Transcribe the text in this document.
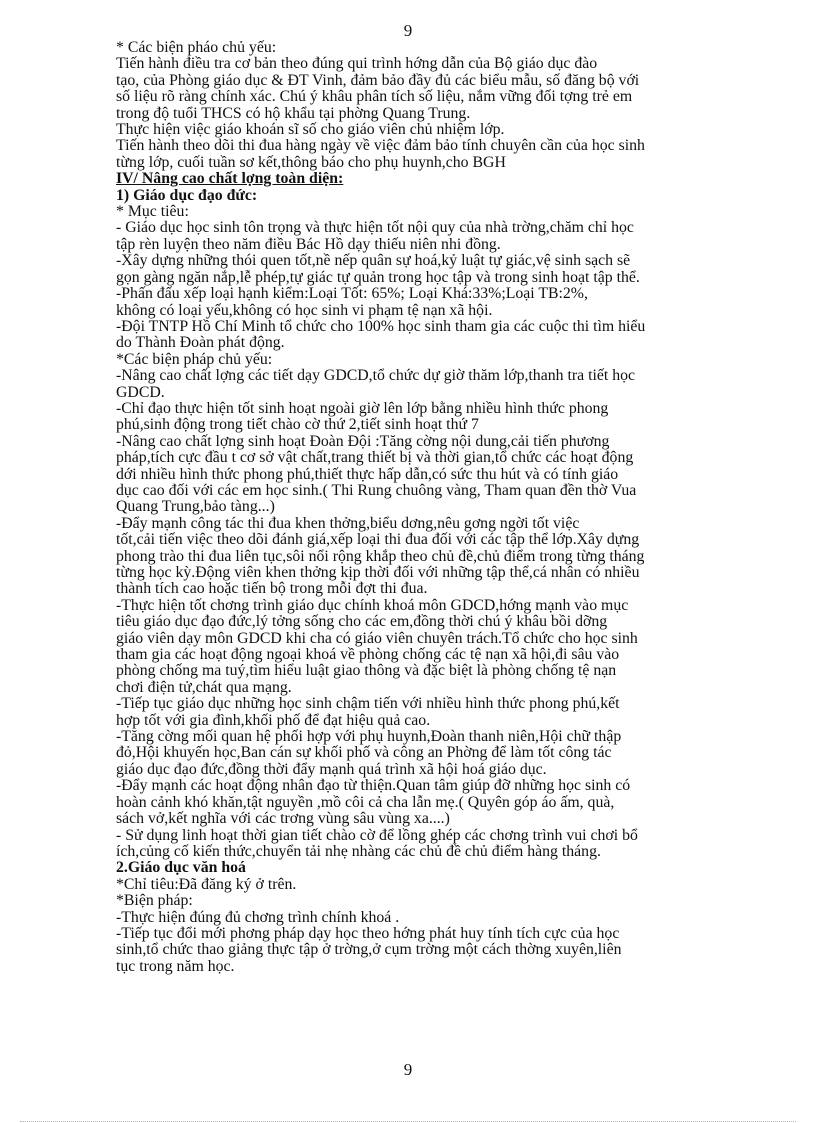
9

* Các biện pháo chủ yếu:

Tiến hành điều tra cơ bản theo đúng qui trình hớng dẫn của Bộ giáo dục đào

tạo, của Phòng giáo dục & ĐT Vinh, đảm bảo đầy đủ các biểu mẫu, số đăng bộ với

số liệu rõ ràng chính xác. Chú ý khâu phân tích số liệu, nắm vững đối tợng trẻ em

trong độ tuổi THCS có hộ khẩu tại phờng Quang Trung.

Thực hiện việc giáo khoán sĩ số cho giáo viên chủ nhiệm lớp.

Tiến hành theo dõi thi đua hàng ngày về việc đảm bảo tính chuyên cần của học sinh

từng lớp, cuối tuần sơ kết,thông báo cho phụ huynh,cho BGH

IV/ Nâng cao chất lợng toàn diện:

1) Giáo dục đạo đức:

* Mục tiêu:

- Giáo dục học sinh tôn trọng và thực hiện tốt nội quy của nhà trờng,chăm chỉ học

tập rèn luyện theo năm điều Bác Hồ dạy thiếu niên nhi đồng.

-Xây dựng những thói quen tốt,nề nếp quân sự hoá,kỷ luật tự giác,vệ sinh sạch sẽ

gọn gàng ngăn nắp,lễ phép,tự giác tự quản trong học tập và trong sinh hoạt tập thể.

-Phấn đấu xếp loại hạnh kiểm:Loại Tốt: 65%; Loại Khá:33%;Loại TB:2%,

không có loại yếu,không có học sinh vi phạm tệ nạn xã hội.

-Đội TNTP Hồ Chí Minh tổ chức cho 100% học sinh tham gia các cuộc thi tìm hiểu

do Thành Đoàn phát động.

*Các biện pháp chủ yếu:

-Nâng cao chất lợng các tiết dạy GDCD,tổ chức dự giờ thăm lớp,thanh tra tiết học

GDCD.

-Chỉ đạo thực hiện tốt sinh hoạt ngoài giờ lên lớp bằng nhiều hình thức phong

phú,sinh động trong tiết chào cờ thứ 2,tiết sinh hoạt thứ 7

-Nâng cao chất lợng sinh hoạt Đoàn Đội :Tăng cờng nội dung,cải tiến phương

pháp,tích cực đầu t cơ sở vật chất,trang thiết bị và thời gian,tổ chức các hoạt động

dới nhiều hình thức phong phú,thiết thực hấp dẫn,có sức thu hút và có tính giáo

dục cao đối với các em học sinh.( Thi Rung chuông vàng, Tham quan đền thờ Vua

Quang Trung,bảo tàng...)

-Đẩy mạnh công tác thi đua khen thởng,biểu dơng,nêu gơng ngời tốt việc

tốt,cải tiến việc theo dõi đánh giá,xếp loại thi đua đối với các tập thể lớp.Xây dựng

phong trào thi đua liên tục,sôi nổi rộng khắp theo chủ đề,chủ điểm trong từng tháng

từng học kỳ.Động viên khen thởng kịp thời đối với những tập thể,cá nhân có nhiều

thành tích cao hoặc tiến bộ trong mỗi đợt thi đua.

-Thực hiện tốt chơng trình giáo dục chính khoá môn GDCD,hớng mạnh vào mục

tiêu giáo dục đạo đức,lý tởng sống cho các em,đồng thời chú ý khâu bồi dỡng

giáo viên dạy môn GDCD khi cha có giáo viên chuyên trách.Tổ chức cho học sinh

tham gia các hoạt động ngoại khoá về phòng chống các tệ nạn xã hội,đi sâu vào

phòng chống ma tuý,tìm hiểu luật giao thông và đặc biệt là phòng chống tệ nạn

chơi điện tử,chát qua mạng.

-Tiếp tục giáo dục những học sinh chậm tiến với nhiều hình thức phong phú,kết

hợp tốt với gia đình,khối phố để đạt hiệu quả cao.

-Tăng cờng mối quan hệ phối hợp với phụ huynh,Đoàn thanh niên,Hội chữ thập

đỏ,Hội khuyến học,Ban cán sự khối phố và công an Phờng để làm tốt công tác

giáo dục đạo đức,đồng thời đẩy mạnh quá trình xã hội hoá giáo dục.

-Đẩy mạnh các hoạt động nhân đạo từ thiện.Quan tâm giúp đỡ những học sinh có

hoàn cảnh khó khăn,tật nguyền ,mồ côi cả cha lẫn mẹ.( Quyên góp áo ấm, quà,

sách vở,kết nghĩa với các trơng vùng sâu vùng xa....)

- Sử dụng linh hoạt thời gian tiết chào cờ để lồng ghép các chơng trình vui chơi bổ

ích,củng cố kiến thức,chuyển tải nhẹ nhàng các chủ đề chủ điểm hàng tháng.

2.Giáo dục văn hoá

*Chỉ tiêu:Đã đăng ký ở trên.

*Biện pháp:

-Thực hiện đúng đủ chơng trình chính khoá .

-Tiếp tục đổi mới phơng pháp dạy học theo hớng phát huy tính tích cực của học

sinh,tổ chức thao giảng thực tập ở trờng,ở cụm trờng một cách thờng xuyên,liên

tục trong năm học.

9
